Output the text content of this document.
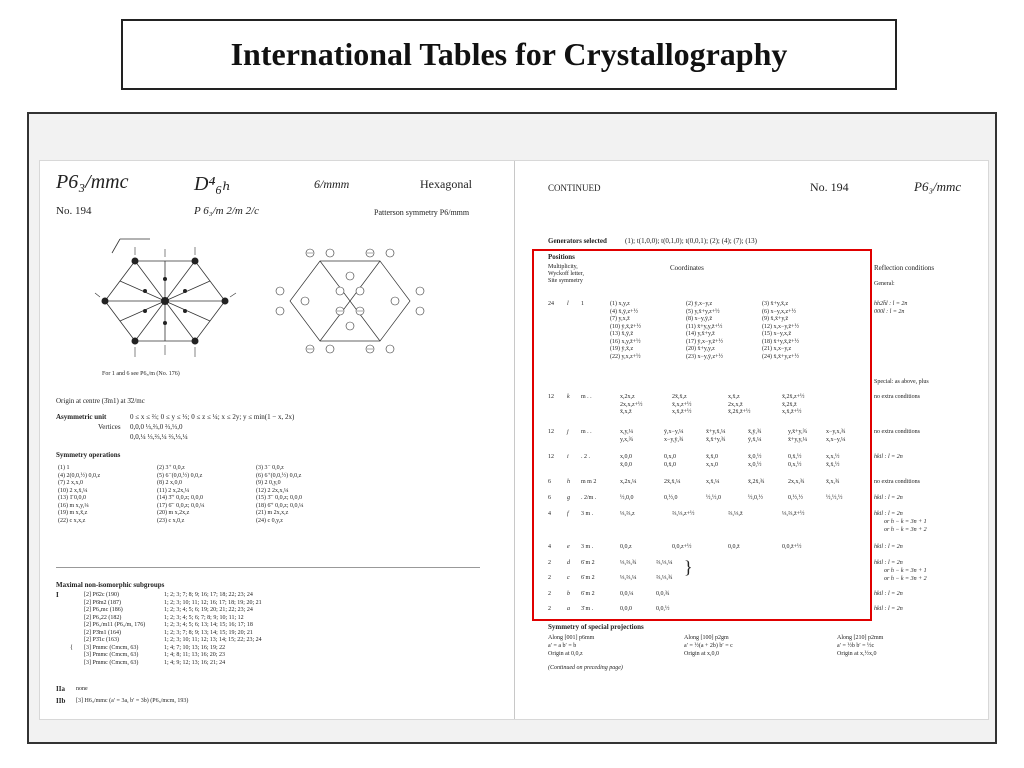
International Tables for Crystallography
P6₃/mmc	D⁴₆ₕ	6/mmm	Hexagonal
No. 194	P 6₃/m 2/m 2/c	Patterson symmetry P6/mmm
For 1 and 6 see P6₃/m (No. 176)
Origin at centre (3̄m1) at 3̄2/mc
Asymmetric unit	0 ≤ x ≤ ⅔; 0 ≤ y ≤ ⅓; 0 ≤ z ≤ ¼; x ≤ 2y; y ≤ min(1 − x, 2x)
Vertices 0,0,0 ⅓,⅔,0 ⅔,⅓,0
0,0,¼ ⅓,⅔,¼ ⅔,⅓,¼
Symmetry operations
(1) 1	(2) 3⁺ 0,0,z	(3) 3⁻ 0,0,z
(4) 2(0,0,½) 0,0,z	(5) 6⁻(0,0,½) 0,0,z	(6) 6⁺(0,0,½) 0,0,z
(7) 2 x,x,0	(8) 2 x,0,0	(9) 2 0,y,0
(10) 2 x,x̄,¼	(11) 2 x,2x,¼	(12) 2 2x,x,¼
(13) 1̄ 0,0,0	(14) 3̄⁺ 0,0,z; 0,0,0	(15) 3̄⁻ 0,0,z; 0,0,0
(16) m x,y,¼	(17) 6̄⁻ 0,0,z; 0,0,¼	(18) 6̄⁺ 0,0,z; 0,0,¼
(19) m x,x̄,z	(20) m x,2x,z	(21) m 2x,x,z
(22) c x,x,z	(23) c x,0,z	(24) c 0,y,z
Maximal non-isomorphic subgroups
I	[2] P6̄2c (190)	1; 2; 3; 7; 8; 9; 16; 17; 18; 22; 23; 24
[2] P6̄m2 (187)	1; 2; 3; 10; 11; 12; 16; 17; 18; 19; 20; 21
[2] P6₃mc (186)	1; 2; 3; 4; 5; 6; 19; 20; 21; 22; 23; 24
[2] P6₃22 (182)	1; 2; 3; 4; 5; 6; 7; 8; 9; 10; 11; 12
[2] P6₃/m11 (P6₃/m, 176)	1; 2; 3; 4; 5; 6; 13; 14; 15; 16; 17; 18
[2] P3̄m1 (164)	1; 2; 3; 7; 8; 9; 13; 14; 15; 19; 20; 21
[2] P3̄1c (163)	1; 2; 3; 10; 11; 12; 13; 14; 15; 22; 23; 24
{	[3] Pmmc (Cmcm, 63)	1; 4; 7; 10; 13; 16; 19; 22
[3] Pmmc (Cmcm, 63)	1; 4; 8; 11; 13; 16; 20; 23
[3] Pmmc (Cmcm, 63)	1; 4; 9; 12; 13; 16; 21; 24
IIa none
IIb [3] H6₃/mmc (a′ = 3a, b′ = 3b) (P6₃/mcm, 193)
CONTINUED	No. 194	P6₃/mmc
Generators selected	(1); t(1,0,0); t(0,1,0); t(0,0,1); (2); (4); (7); (13)
Positions
Multiplicity,
Wyckoff letter,
Site symmetry
Coordinates	Reflection conditions
General:
24 l 1	(1) x,y,z	(2) ȳ,x−y,z	(3) x̄+y,x̄,z
(4) x̄,ȳ,z+½	(5) y,x̄+y,z+½	(6) x−y,x,z+½
(7) y,x,z̄	(8) x−y,ȳ,z̄	(9) x̄,x̄+y,z̄
(10) ȳ,x̄,z̄+½	(11) x̄+y,y,z̄+½	(12) x,x−y,z̄+½
(13) x̄,ȳ,z̄	(14) y,x̄+y,z̄	(15) x−y,x,z̄
(16) x,y,z̄+½	(17) ȳ,x−y,z̄+½	(18) x̄+y,x̄,z̄+½
(19) ȳ,x̄,z	(20) x̄+y,y,z	(21) x,x−y,z
(22) y,x,z+½	(23) x−y,ȳ,z+½	(24) x̄,x̄+y,z+½
hh2h̄l : l = 2n
000l : l = 2n
Special: as above, plus
12 k m . .	x,2x,z	2x̄,x̄,z	x,x̄,z	x̄,2x̄,z+½
2x,x,z+½	x̄,x,z+½	2x,x,z̄	x̄,2x̄,z̄
x̄,x,z̄	x,x̄,z̄+½	x̄,2x̄,z̄+½	x,x̄,z̄+½
no extra conditions
12 j m . .	x,y,¼	ȳ,x−y,¼	x̄+y,x̄,¼	x̄,ȳ,¾	y,x̄+y,¾	x−y,x,¾
y,x,¾	x−y,ȳ,¾	x̄,x̄+y,¾	ȳ,x̄,¼	x̄+y,y,¼	x,x−y,¼
no extra conditions
12 i . 2 .	x,0,0	0,x,0	x̄,x̄,0	x̄,0,½	0,x̄,½	x,x,½
x̄,0,0	0,x̄,0	x,x,0	x,0,½	0,x,½	x̄,x̄,½
hkil : l = 2n
6	h m m 2	x,2x,¼	2x̄,x̄,¼	x,x̄,¼	x̄,2x̄,¾	2x,x,¾	x̄,x,¾	no extra conditions
6	g . 2/m .	½,0,0	0,½,0	½,½,0	½,0,½	0,½,½	½,½,½	hkil : l = 2n
4	f 3 m .	⅓,⅔,z	⅔,⅓,z+½	⅔,⅓,z̄	⅓,⅔,z̄+½	hkil : l = 2n
or h − k = 3n + 1
or h − k = 3n + 2
4	e 3 m .	0,0,z	0,0,z+½	0,0,z̄	0,0,z̄+½	hkil : l = 2n
2	d 6̄ m 2	⅓,⅔,¾	⅔,⅓,¼	hkil : l = 2n
or h − k = 3n + 1
or h − k = 3n + 2
}
2	c 6̄ m 2	⅓,⅔,¼	⅔,⅓,¾
2	b 6̄ m 2	0,0,¼	0,0,¾	hkil : l = 2n
2	a 3̄ m .	0,0,0	0,0,½	hkil : l = 2n
Symmetry of special projections
Along [001] p6mm
a′ = a b′ = b
Origin at 0,0,z
Along [100] p2gm
a′ = ½(a + 2b) b′ = c
Origin at x,0,0
Along [210] p2mm
a′ = ½b b′ = ½c
Origin at x,½x,0
(Continued on preceding page)
